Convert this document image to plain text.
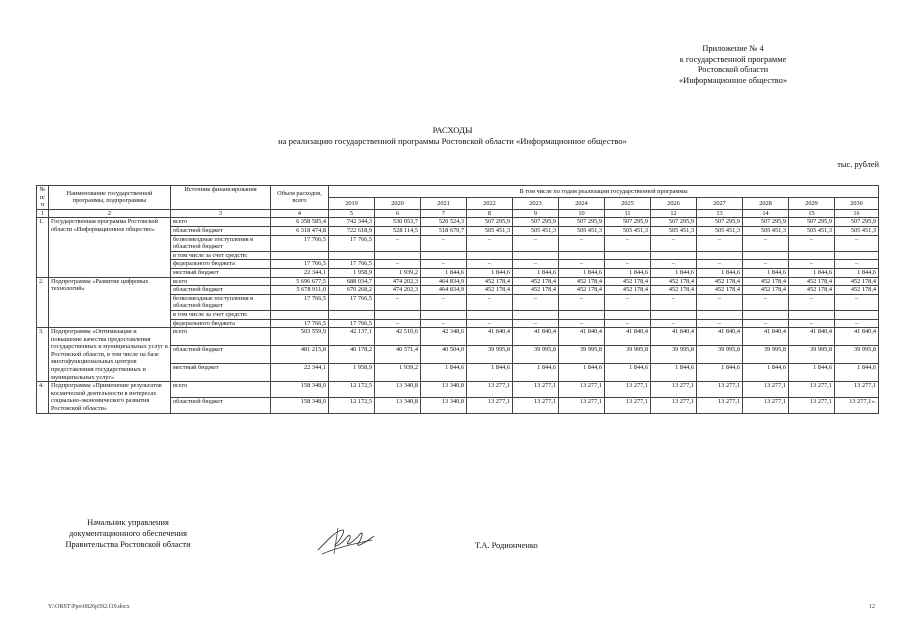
Приложение № 4
к государственной программе
Ростовской области
«Информационное общество»
РАСХОДЫ
на реализацию государственной программы Ростовской области «Информационное общество»
тыс. рублей
№ п/п	Наименование государственной программы, подпрограммы	Источник финансирования	Объем расходов, всего	В том числе по годам реализации государственной программы											
				2019	2020	2021	2022	2023	2024	2025	2026	2027	2028	2029	2030
1	2	3	4	5	6	7	8	9	10	11	12	13	14	15	16
1.	Государственная программа Ростовской области «Информационное общество»	всего	6 358 585,4	742 344,3	530 053,7	520 524,3	507 295,9	507 295,9	507 295,9	507 295,9	507 295,9	507 295,9	507 295,9	507 295,9	507 295,9
		областной бюджет	6 318 474,8	722 618,9	528 114,5	518 679,7	505 451,3	505 451,3	505 451,3	505 451,3	505 451,3	505 451,3	505 451,3	505 451,3	505 451,3
		безвозмездные поступления в областной бюджет	17 766,5	17 766,5	–	–	–	–	–	–	–	–	–	–	–
		в том числе за счет средств:													
		федерального бюджета	17 766,5	17 766,5	–	–	–	–	–	–	–	–	–	–	–
		местный бюджет	22 344,1	1 958,9	1 939,2	1 844,6	1 844,6	1 844,6	1 844,6	1 844,6	1 844,6	1 844,6	1 844,6	1 844,6	1 844,6
2.	Подпрограмма «Развитие цифровых технологий»	всего	5 696 677,5	688 034,7	474 202,3	464 834,9	452 178,4	452 178,4	452 178,4	452 178,4	452 178,4	452 178,4	452 178,4	452 178,4	452 178,4
		областной бюджет	5 678 911,0	670 268,2	474 202,3	464 834,9	452 178,4	452 178,4	452 178,4	452 178,4	452 178,4	452 178,4	452 178,4	452 178,4	452 178,4
		безвозмездные поступления в областной бюджет	17 766,5	17 766,5	–	–	–	–	–	–	–	–	–	–	–
		в том числе за счет средств:													
		федерального бюджета	17 766,5	17 766,5	–	–	–	–	–	–	–	–	–	–	–
3.	Подпрограмма «Оптимизация и повышение качества предоставления государственных и муниципальных услуг в Ростовской области, в том числе на базе многофункциональных центров предоставления государственных и муниципальных услуг»	всего	503 559,9	42 137,1	42 510,6	42 348,6	41 840,4	41 840,4	41 840,4	41 840,4	41 840,4	41 840,4	41 840,4	41 840,4	41 840,4
		областной бюджет	481 215,8	40 178,2	40 571,4	40 504,0	39 995,8	39 995,8	39 995,8	39 995,8	39 995,8	39 995,8	39 995,8	39 995,8	39 995,8
		местный бюджет	22 344,1	1 958,9	1 939,2	1 844,6	1 844,6	1 844,6	1 844,6	1 844,6	1 844,6	1 844,6	1 844,6	1 844,6	1 844,6
4.	Подпрограмма «Применение результатов космической деятельности в интересах социально-экономического развития Ростовской области»	всего	158 348,0	12 172,5	13 340,8	13 340,8	13 277,1	13 277,1	13 277,1	13 277,1	13 277,1	13 277,1	13 277,1	13 277,1	13 277,1
		областной бюджет	158 348,0	12 172,5	13 340,8	13 340,8	13 277,1	13 277,1	13 277,1	13 277,1	13 277,1	13 277,1	13 277,1	13 277,1	13 277,1».
Начальник управления
документационного обеспечения
Правительства Ростовской области	Т.А. Родионченко
Y:\ORST\Ppo\0826p592.f19.docx	12
